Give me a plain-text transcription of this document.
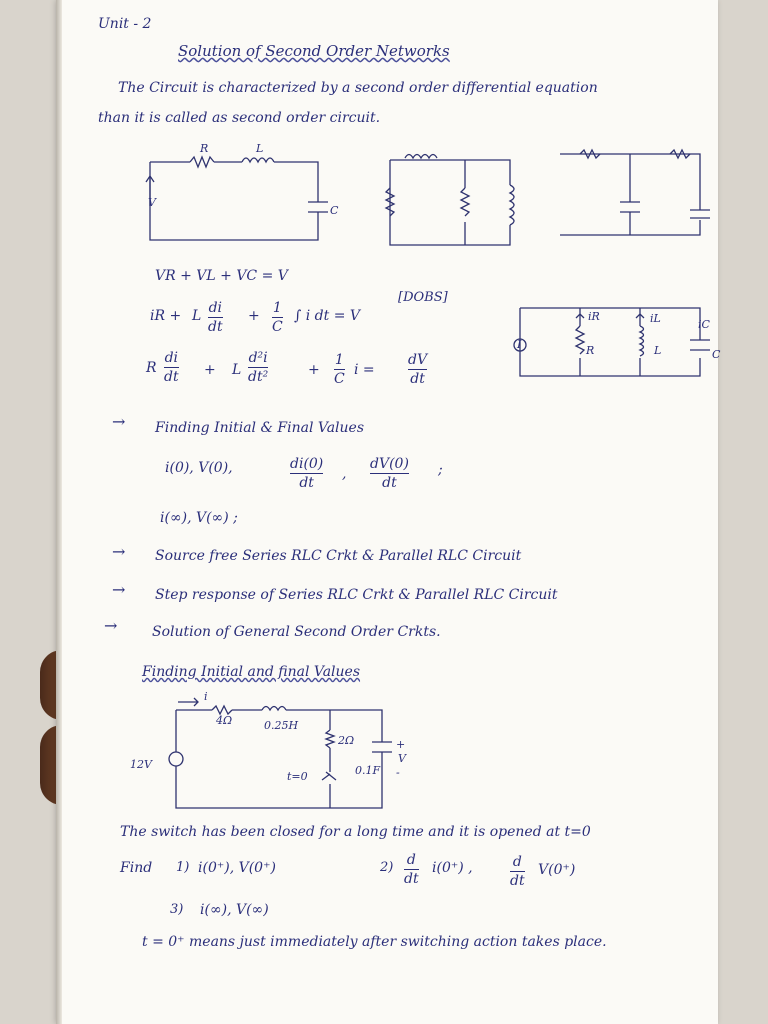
Unit - 2
Solution of Second Order Networks
The Circuit is characterized by a second order differential equation
than it is called as second order circuit.
R	L
V
C
VR + VL + VC = V
[DOBS]
iR + L di
dt
+ 1
C
∫ i dt = V
I
iR	iL	iC
R	L	C
R
di
dt + L
d²i
dt²	+
1
C
i =
dV
dt
→ Finding Initial & Final Values
i(0), V(0),	di(0)
dt
,
dV(0)
dt
;
i(∞), V(∞) ;
→ Source free Series RLC Crkt & Parallel RLC Circuit
→ Step response of Series RLC Crkt & Parallel RLC Circuit
→ Solution of General Second Order Crkts.
Finding Initial and final Values
i
4Ω	0.25H
2Ω
0.1F
+
V
-
12V
t=0
The switch has been closed for a long time and it is opened at t=0
Find 1) i(0⁺), V(0⁺)	2) d
dt
i(0⁺) ,	d
dt
V(0⁺)
3) i(∞), V(∞)
t = 0⁺ means just immediately after switching action takes place.
